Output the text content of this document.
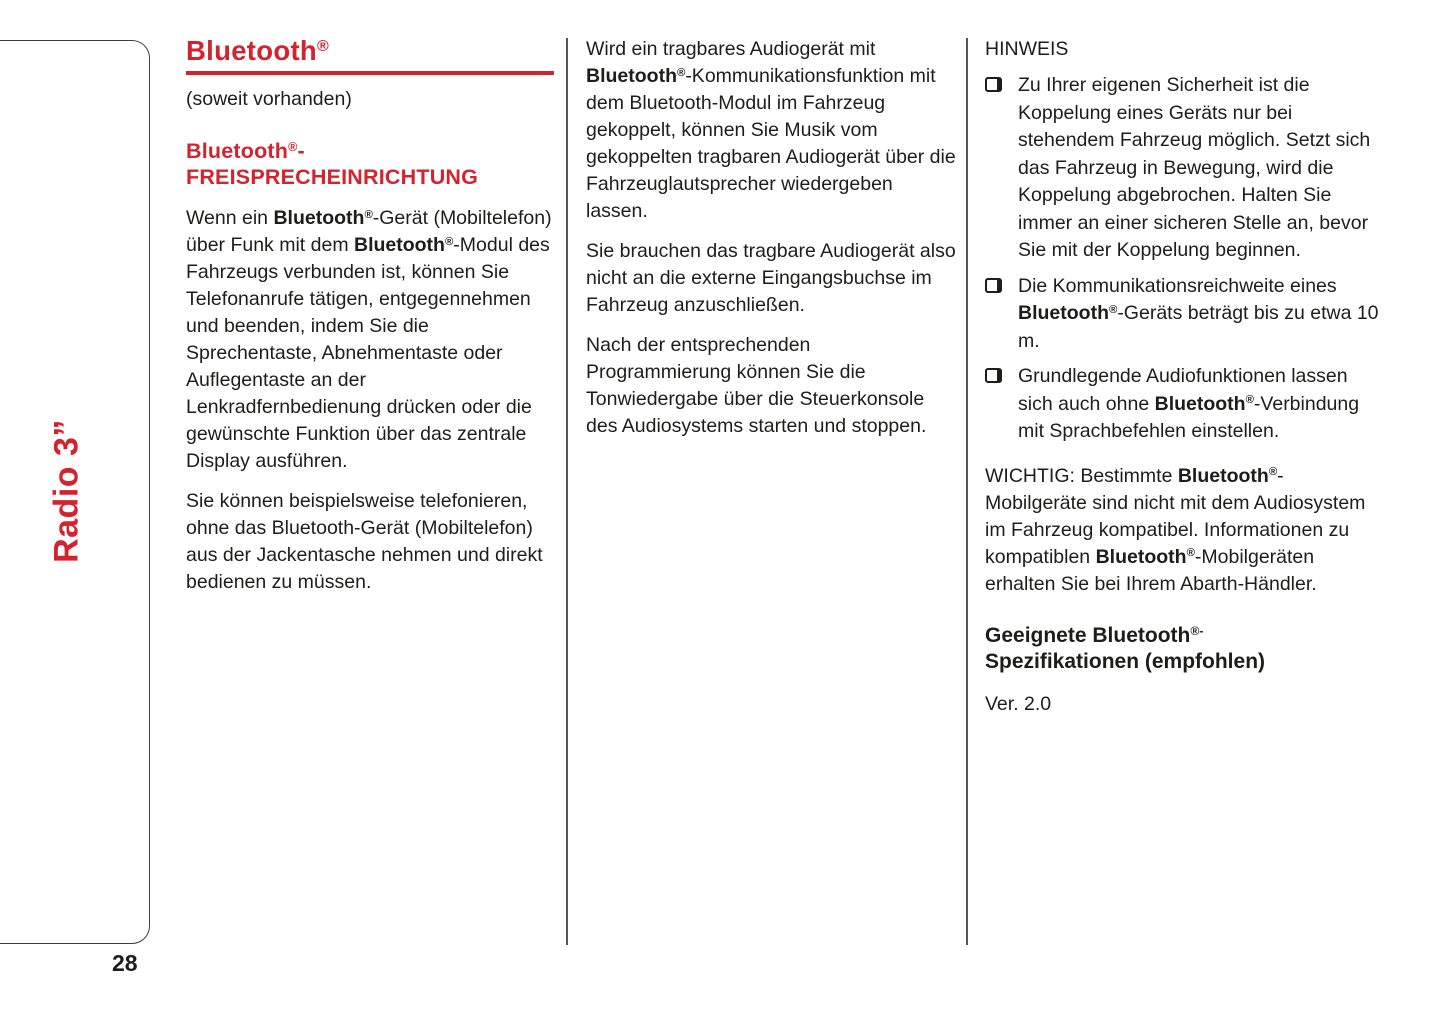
Radio 3”
28
Bluetooth®

(soweit vorhanden)

Bluetooth®-
FREISPRECHEINRICHTUNG

Wenn ein Bluetooth®-Gerät (Mobiltelefon) über Funk mit dem Bluetooth®-Modul des Fahrzeugs verbunden ist, können Sie Telefonanrufe tätigen, entgegennehmen und beenden, indem Sie die Sprechentaste, Abnehmentaste oder Auflegentaste an der Lenkradfernbedienung drücken oder die gewünschte Funktion über das zentrale Display ausführen.

Sie können beispielsweise telefonieren, ohne das Bluetooth-Gerät (Mobiltelefon) aus der Jackentasche nehmen und direkt bedienen zu müssen.

Wird ein tragbares Audiogerät mit Bluetooth®-Kommunikationsfunktion mit dem Bluetooth-Modul im Fahrzeug gekoppelt, können Sie Musik vom gekoppelten tragbaren Audiogerät über die Fahrzeuglautsprecher wiedergeben lassen.

Sie brauchen das tragbare Audiogerät also nicht an die externe Eingangsbuchse im Fahrzeug anzuschließen.

Nach der entsprechenden Programmierung können Sie die Tonwiedergabe über die Steuerkonsole des Audiosystems starten und stoppen.

HINWEIS

Zu Ihrer eigenen Sicherheit ist die Koppelung eines Geräts nur bei stehendem Fahrzeug möglich. Setzt sich das Fahrzeug in Bewegung, wird die Koppelung abgebrochen. Halten Sie immer an einer sicheren Stelle an, bevor Sie mit der Koppelung beginnen.
Die Kommunikationsreichweite eines Bluetooth®-Geräts beträgt bis zu etwa 10 m.
Grundlegende Audiofunktionen lassen sich auch ohne Bluetooth®-Verbindung mit Sprachbefehlen einstellen.

WICHTIG: Bestimmte Bluetooth®-Mobilgeräte sind nicht mit dem Audiosystem im Fahrzeug kompatibel. Informationen zu kompatiblen Bluetooth®-Mobilgeräten erhalten Sie bei Ihrem Abarth-Händler.

Geeignete Bluetooth®-
Spezifikationen (empfohlen)

Ver. 2.0
